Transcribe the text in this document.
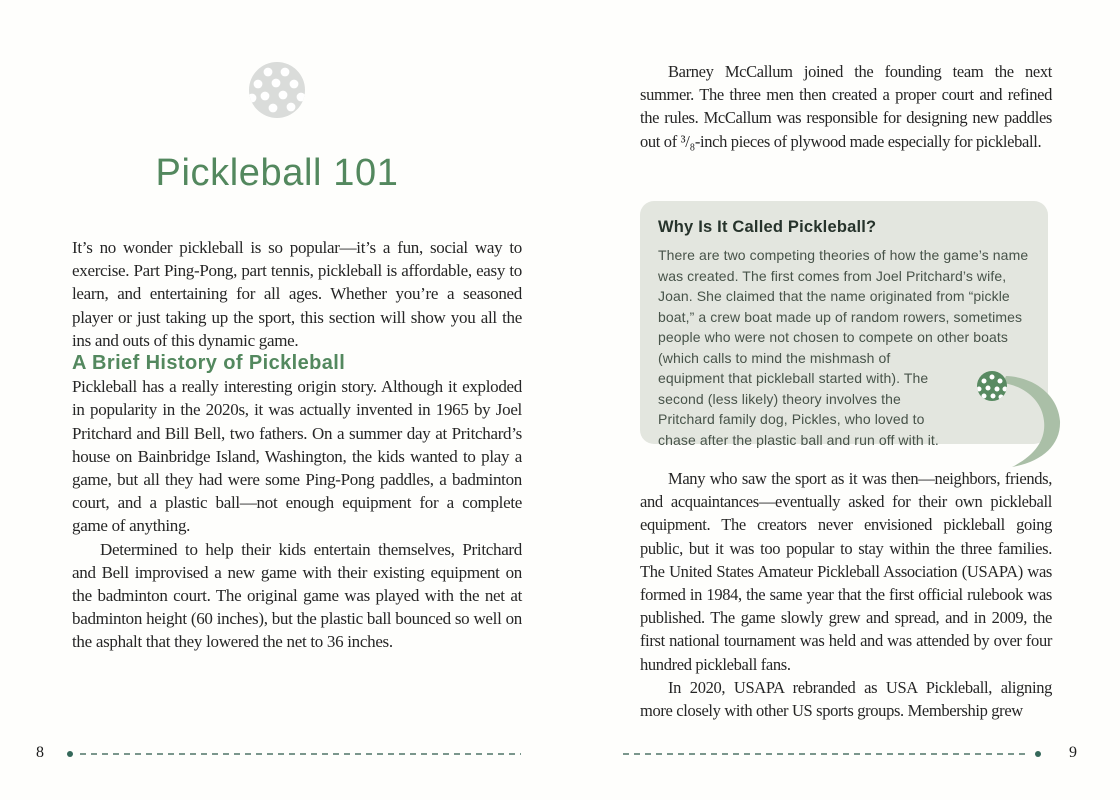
Pickleball 101

It’s no wonder pickleball is so popular—it’s a fun, social way to exercise. Part Ping-Pong, part tennis, pickleball is affordable, easy to learn, and entertaining for all ages. Whether you’re a seasoned player or just taking up the sport, this section will show you all the ins and outs of this dynamic game.

A Brief History of Pickleball

Pickleball has a really interesting origin story. Although it exploded in popularity in the 2020s, it was actually invented in 1965 by Joel Pritchard and Bill Bell, two fathers. On a summer day at Pritchard’s house on Bainbridge Island, Washington, the kids wanted to play a game, but all they had were some Ping-Pong paddles, a badminton court, and a plastic ball—not enough equipment for a complete game of anything.

Determined to help their kids entertain themselves, Pritchard and Bell improvised a new game with their existing equipment on the badminton court. The original game was played with the net at badminton height (60 inches), but the plastic ball bounced so well on the asphalt that they lowered the net to 36 inches.

Barney McCallum joined the founding team the next summer. The three men then created a proper court and refined the rules. McCallum was responsible for designing new paddles out of ³/₈-inch pieces of plywood made especially for pickleball.

Why Is It Called Pickleball?

There are two competing theories of how the game’s name was created. The first comes from Joel Pritchard’s wife, Joan. She claimed that the name originated from “pickle boat,” a crew boat made up of random rowers, sometimes people who were not chosen to compete on other boats (which calls to mind the mishmash of equipment that pickleball started with). The second (less likely) theory involves the Pritchard family dog, Pickles, who loved to chase after the plastic ball and run off with it.

Many who saw the sport as it was then—neighbors, friends, and acquaintances—eventually asked for their own pickleball equipment. The creators never envisioned pickleball going public, but it was too popular to stay within the three families. The United States Amateur Pickleball Association (USAPA) was formed in 1984, the same year that the first official rulebook was published. The game slowly grew and spread, and in 2009, the first national tournament was held and was attended by over four hundred pickleball fans.

In 2020, USAPA rebranded as USA Pickleball, aligning more closely with other US sports groups. Membership grew

8	9
